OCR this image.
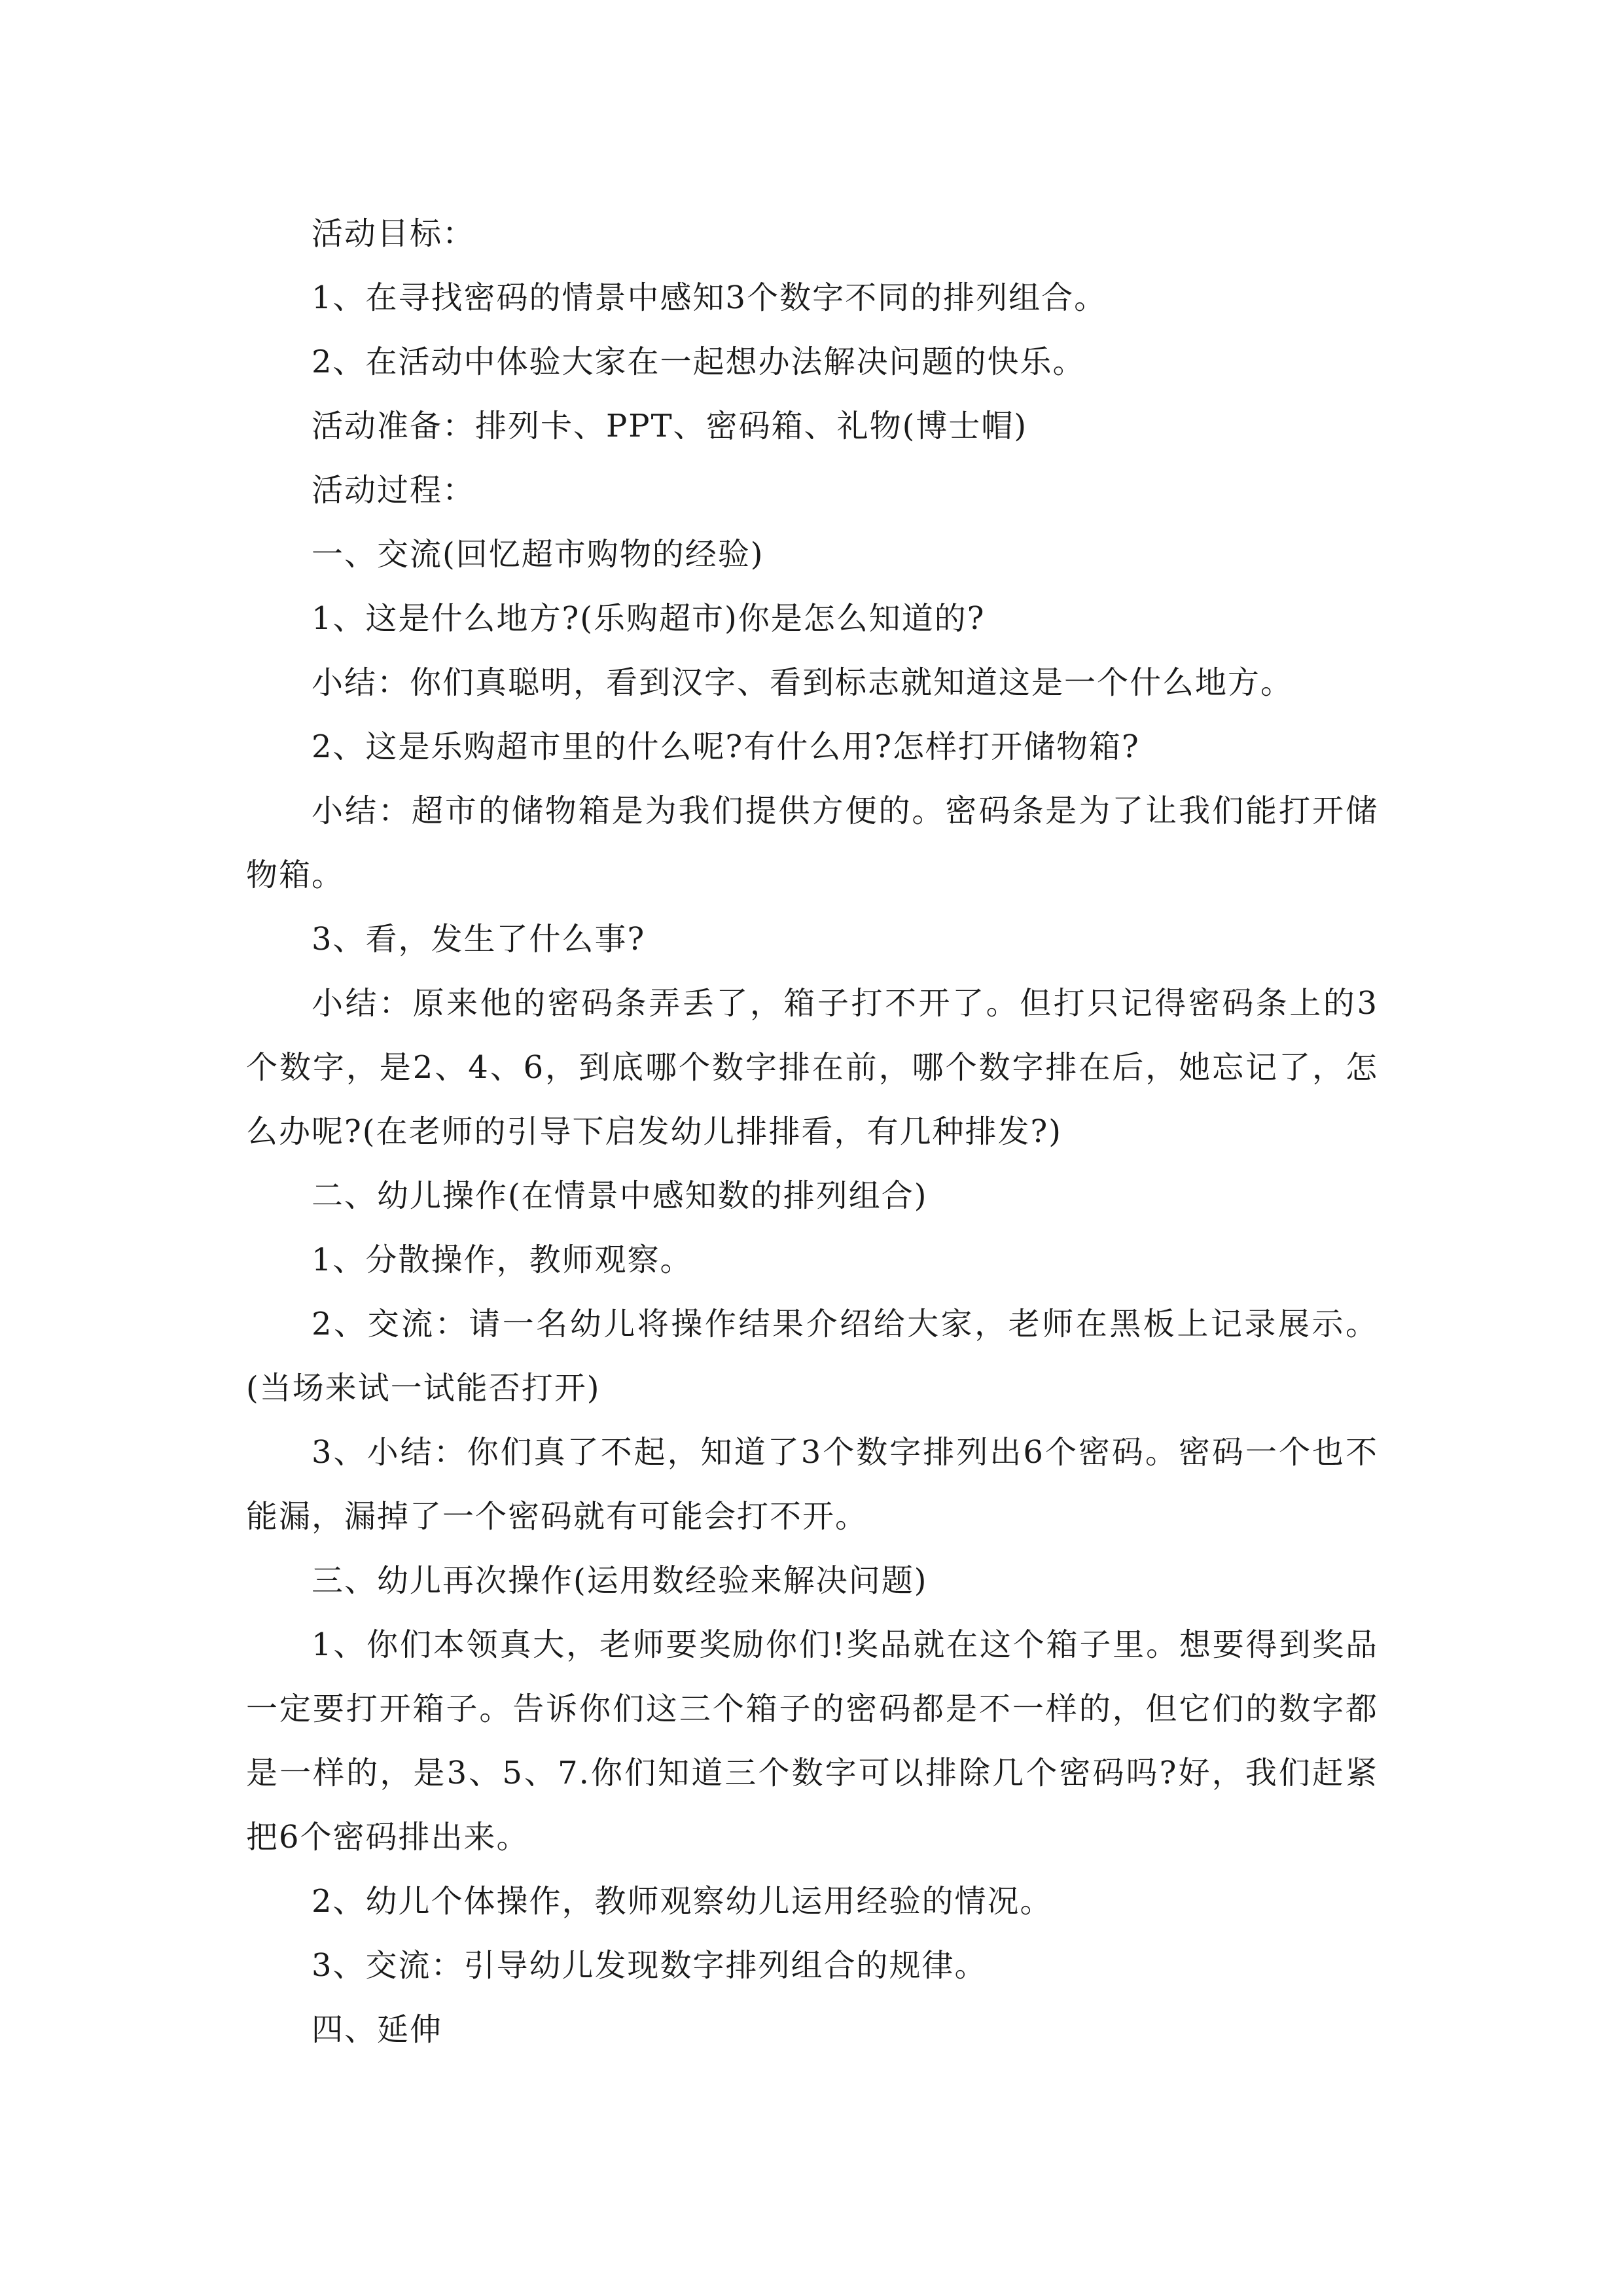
活动目标：

1、在寻找密码的情景中感知3个数字不同的排列组合。

2、在活动中体验大家在一起想办法解决问题的快乐。

活动准备：排列卡、PPT、密码箱、礼物(博士帽)

活动过程：

一、交流(回忆超市购物的经验)

1、这是什么地方?(乐购超市)你是怎么知道的?

小结：你们真聪明，看到汉字、看到标志就知道这是一个什么地方。

2、这是乐购超市里的什么呢?有什么用?怎样打开储物箱?

小结：超市的储物箱是为我们提供方便的。密码条是为了让我们能打开储物箱。

3、看，发生了什么事?

小结：原来他的密码条弄丢了，箱子打不开了。但打只记得密码条上的3个数字，是2、4、6，到底哪个数字排在前，哪个数字排在后，她忘记了，怎么办呢?(在老师的引导下启发幼儿排排看，有几种排发?)

二、幼儿操作(在情景中感知数的排列组合)

1、分散操作，教师观察。

2、交流：请一名幼儿将操作结果介绍给大家，老师在黑板上记录展示。(当场来试一试能否打开)

3、小结：你们真了不起，知道了3个数字排列出6个密码。密码一个也不能漏，漏掉了一个密码就有可能会打不开。

三、幼儿再次操作(运用数经验来解决问题)

1、你们本领真大，老师要奖励你们!奖品就在这个箱子里。想要得到奖品一定要打开箱子。告诉你们这三个箱子的密码都是不一样的，但它们的数字都是一样的，是3、5、7.你们知道三个数字可以排除几个密码吗?好，我们赶紧把6个密码排出来。

2、幼儿个体操作，教师观察幼儿运用经验的情况。

3、交流：引导幼儿发现数字排列组合的规律。

四、延伸
